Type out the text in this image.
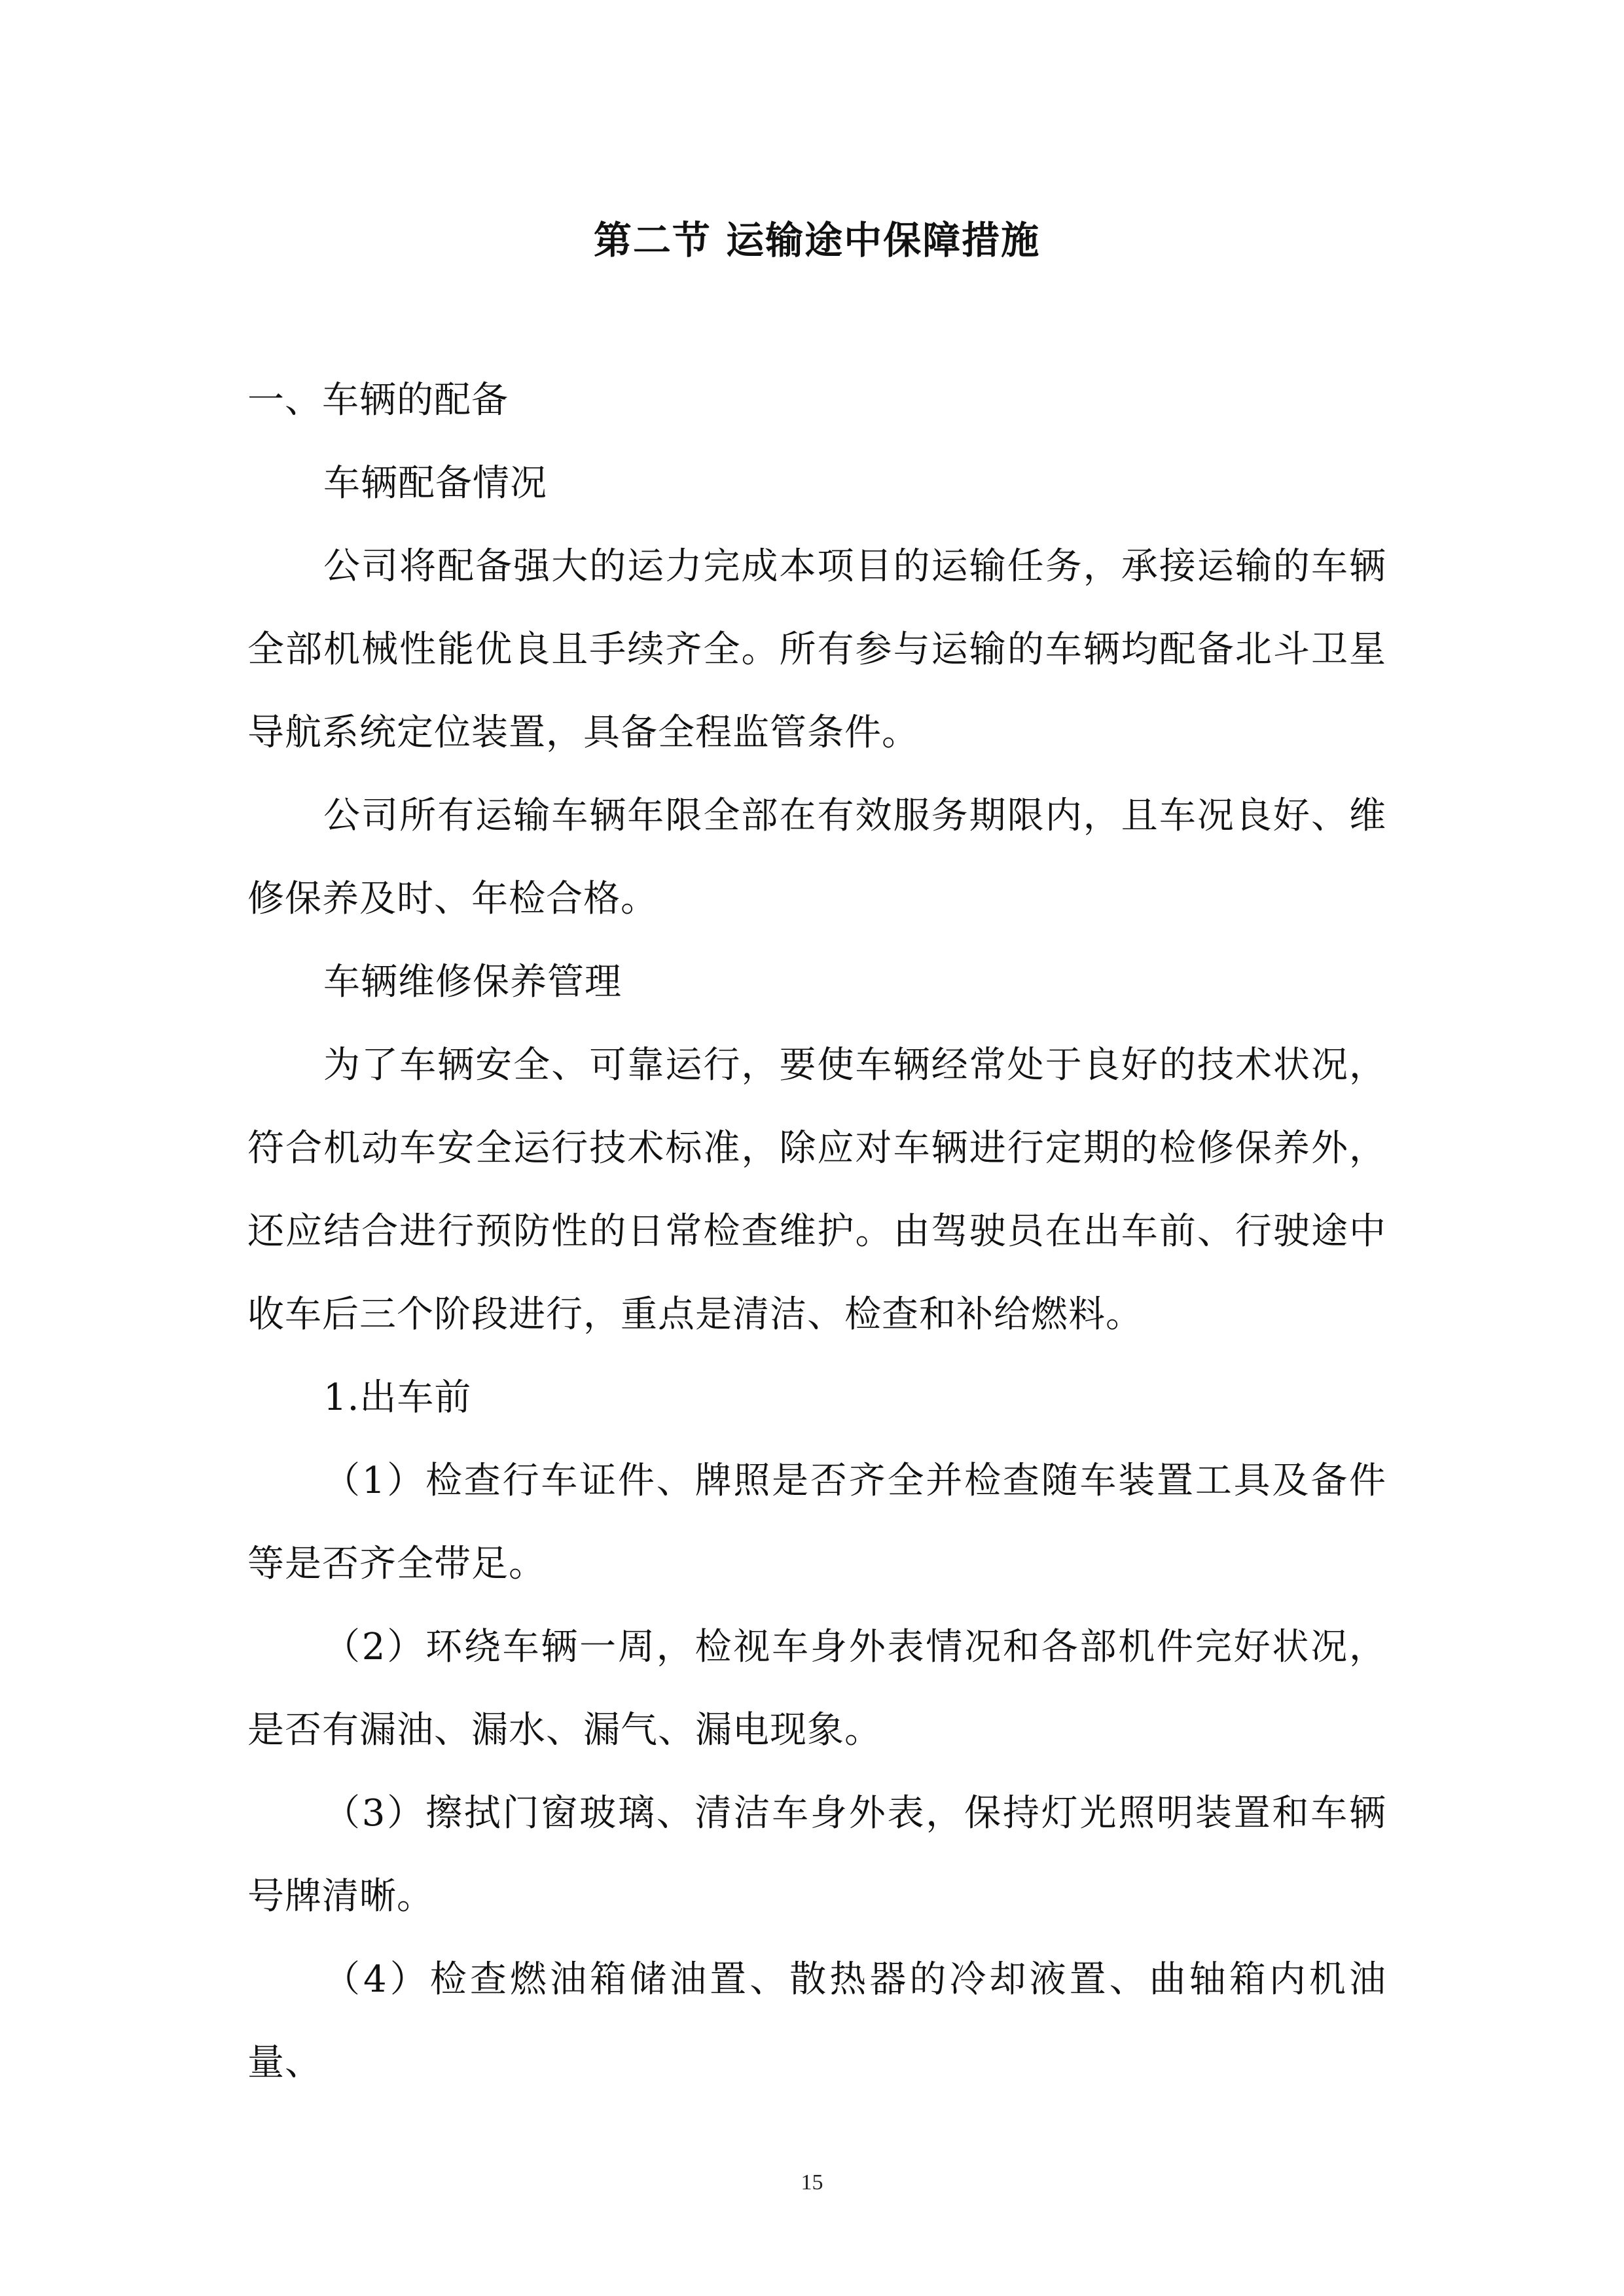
第二节 运输途中保障措施

一、车辆的配备

车辆配备情况

公司将配备强大的运力完成本项目的运输任务，承接运输的车辆全部机械性能优良且手续齐全。所有参与运输的车辆均配备北斗卫星导航系统定位装置，具备全程监管条件。

公司所有运输车辆年限全部在有效服务期限内，且车况良好、维修保养及时、年检合格。

车辆维修保养管理

为了车辆安全、可靠运行，要使车辆经常处于良好的技术状况，符合机动车安全运行技术标准，除应对车辆进行定期的检修保养外，还应结合进行预防性的日常检查维护。由驾驶员在出车前、行驶途中收车后三个阶段进行，重点是清洁、检查和补给燃料。

1.出车前

（1）检查行车证件、牌照是否齐全并检查随车装置工具及备件等是否齐全带足。

（2）环绕车辆一周，检视车身外表情况和各部机件完好状况，是否有漏油、漏水、漏气、漏电现象。

（3）擦拭门窗玻璃、清洁车身外表，保持灯光照明装置和车辆号牌清晰。

（4）检查燃油箱储油置、散热器的冷却液置、曲轴箱内机油量、

15
